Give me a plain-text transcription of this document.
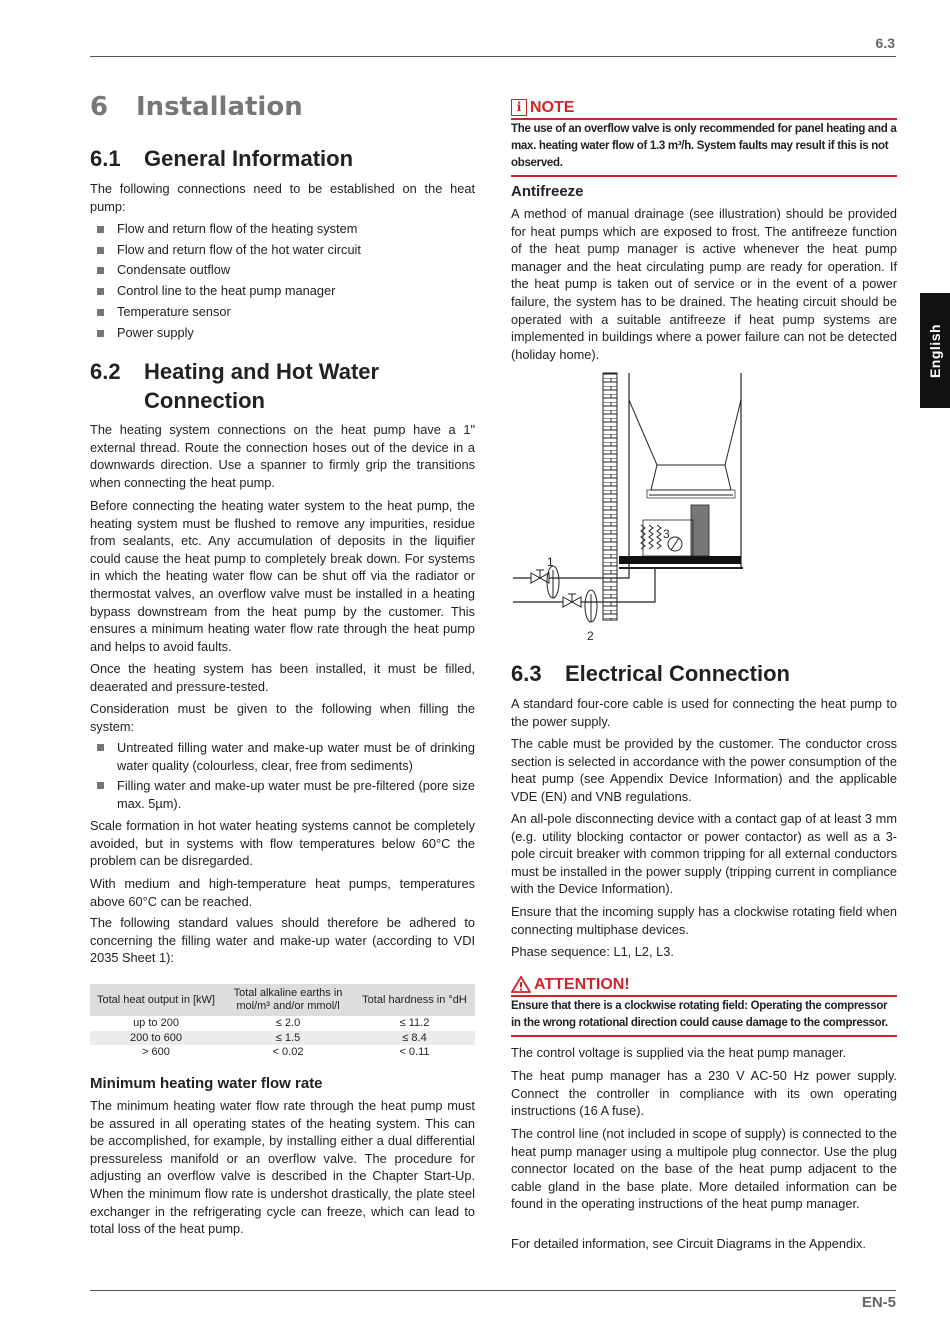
6.3
English
6 Installation
6.1	General Information

The following connections need to be established on the heat pump:

Flow and return flow of the heating system
Flow and return flow of the hot water circuit
Condensate outflow
Control line to the heat pump manager
Temperature sensor
Power supply
6.2	Heating and Hot Water
Connection

The heating system connections on the heat pump have a 1" external thread. Route the connection hoses out of the device in a downwards direction. Use a spanner to firmly grip the transitions when connecting the heat pump.

Before connecting the heating water system to the heat pump, the heating system must be flushed to remove any impurities, residue from sealants, etc. Any accumulation of deposits in the liquifier could cause the heat pump to completely break down. For systems in which the heating water flow can be shut off via the radiator or thermostat valves, an overflow valve must be installed in a heating bypass downstream from the heat pump by the customer. This ensures a minimum heating water flow rate through the heat pump and helps to avoid faults.

Once the heating system has been installed, it must be filled, deaerated and pressure-tested.

Consideration must be given to the following when filling the system:

Untreated filling water and make-up water must be of drinking water quality (colourless, clear, free from sediments)
Filling water and make-up water must be pre-filtered (pore size max. 5µm).

Scale formation in hot water heating systems cannot be completely avoided, but in systems with flow temperatures below 60°C the problem can be disregarded.

With medium and high-temperature heat pumps, temperatures above 60°C can be reached.

The following standard values should therefore be adhered to concerning the filling water and make-up water (according to VDI 2035 Sheet 1):

Total heat output in [kW]	Total alkaline earths in mol/m³ and/or mmol/l	Total hardness in °dH
up to 200	≤ 2.0	≤ 11.2
200 to 600	≤ 1.5	≤ 8.4
> 600	< 0.02	< 0.11
Minimum heating water flow rate

The minimum heating water flow rate through the heat pump must be assured in all operating states of the heating system. This can be accomplished, for example, by installing either a dual differential pressureless manifold or an overflow valve. The procedure for adjusting an overflow valve is described in the Chapter Start-Up. When the minimum flow rate is undershot drastically, the plate steel exchanger in the refrigerating cycle can freeze, which can lead to total loss of the heat pump.

i NOTE
The use of an overflow valve is only recommended for panel heating and a max. heating water flow of 1.3 m³/h. System faults may result if this is not observed.
Antifreeze

A method of manual drainage (see illustration) should be provided for heat pumps which are exposed to frost. The antifreeze function of the heat pump manager is active whenever the heat pump manager and the heat circulating pump are ready for operation. If the heat pump is taken out of service or in the event of a power failure, the system has to be drained. The heating circuit should be operated with a suitable antifreeze if heat pump systems are implemented in buildings where a power failure can not be detected (holiday home).

3
1
2
6.3	Electrical Connection

A standard four-core cable is used for connecting the heat pump to the power supply.

The cable must be provided by the customer. The conductor cross section is selected in accordance with the power consumption of the heat pump (see Appendix Device Information) and the applicable VDE (EN) and VNB regulations.

An all-pole disconnecting device with a contact gap of at least 3 mm (e.g. utility blocking contactor or power contactor) as well as a 3-pole circuit breaker with common tripping for all external conductors must be installed in the power supply (tripping current in compliance with the Device Information).

Ensure that the incoming supply has a clockwise rotating field when connecting multiphase devices.

Phase sequence: L1, L2, L3.

ATTENTION!
Ensure that there is a clockwise rotating field: Operating the compressor in the wrong rotational direction could cause damage to the compressor.

The control voltage is supplied via the heat pump manager.

The heat pump manager has a 230 V AC-50 Hz power supply. Connect the controller in compliance with its own operating instructions (16 A fuse).

The control line (not included in scope of supply) is connected to the heat pump manager using a multipole plug connector. Use the plug connector located on the base of the heat pump adjacent to the cable gland in the base plate. More detailed information can be found in the operating instructions of the heat pump manager.

For detailed information, see Circuit Diagrams in the Appendix.

EN-5
